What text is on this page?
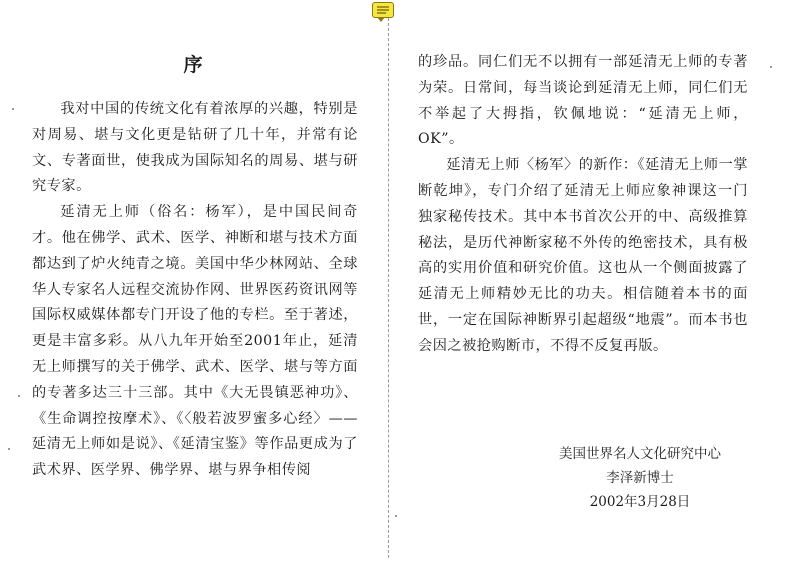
序

我对中国的传统文化有着浓厚的兴趣，特别是对周易、堪与文化更是钻研了几十年，并常有论文、专著面世，使我成为国际知名的周易、堪与研究专家。

延清无上师（俗名：杨军），是中国民间奇才。他在佛学、武术、医学、神断和堪与技术方面都达到了炉火纯青之境。美国中华少林网站、全球华人专家名人远程交流协作网、世界医药资讯网等国际权威媒体都专门开设了他的专栏。至于著述，更是丰富多彩。从八九年开始至2001年止，延清无上师撰写的关于佛学、武术、医学、堪与等方面的专著多达三十三部。其中《大无畏镇恶神功》、《生命调控按摩术》、《〈般若波罗蜜多心经〉——延清无上师如是说》、《延清宝鉴》等作品更成为了武术界、医学界、佛学界、堪与界争相传阅

的珍品。同仁们无不以拥有一部延清无上师的专著为荣。日常间，每当谈论到延清无上师，同仁们无不举起了大拇指，钦佩地说：“延清无上师，OK”。

延清无上师〈杨军〉的新作：《延清无上师一掌断乾坤》，专门介绍了延清无上师应象神课这一门独家秘传技术。其中本书首次公开的中、高级推算秘法，是历代神断家秘不外传的绝密技术，具有极高的实用价值和研究价值。这也从一个侧面披露了延清无上师精妙无比的功夫。相信随着本书的面世，一定在国际神断界引起超级“地震”。而本书也会因之被抢购断市，不得不反复再版。

美国世界名人文化研究中心
李泽新博士
2002年3月28日
